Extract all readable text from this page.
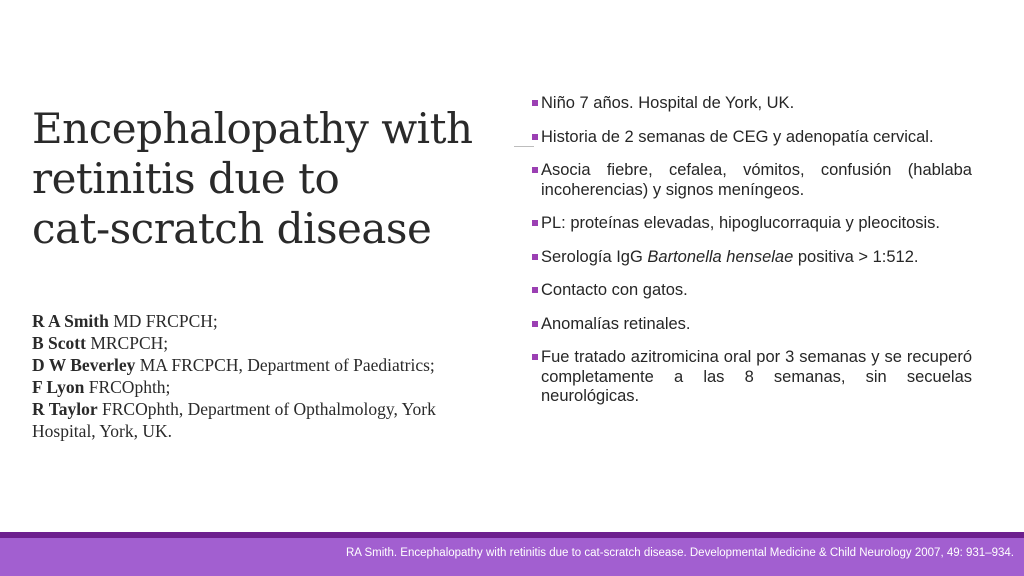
Encephalopathy with
retinitis due to
cat-scratch disease
R A Smith MD FRCPCH;
B Scott MRCPCH;
D W Beverley MA FRCPCH, Department of Paediatrics;
F Lyon FRCOphth;
R Taylor FRCOphth, Department of Opthalmology, York Hospital, York, UK.
Niño 7 años. Hospital de York, UK.
Historia de 2 semanas de CEG y adenopatía cervical.
Asocia fiebre, cefalea, vómitos, confusión (hablaba incoherencias) y signos meníngeos.
PL: proteínas elevadas, hipoglucorraquia y pleocitosis.
Serología IgG Bartonella henselae positiva > 1:512.
Contacto con gatos.
Anomalías retinales.
Fue tratado azitromicina oral por 3 semanas y se recuperó completamente a las 8 semanas, sin secuelas neurológicas.
RA Smith. Encephalopathy with retinitis due to cat-scratch disease. Developmental Medicine & Child Neurology 2007, 49: 931–934.
